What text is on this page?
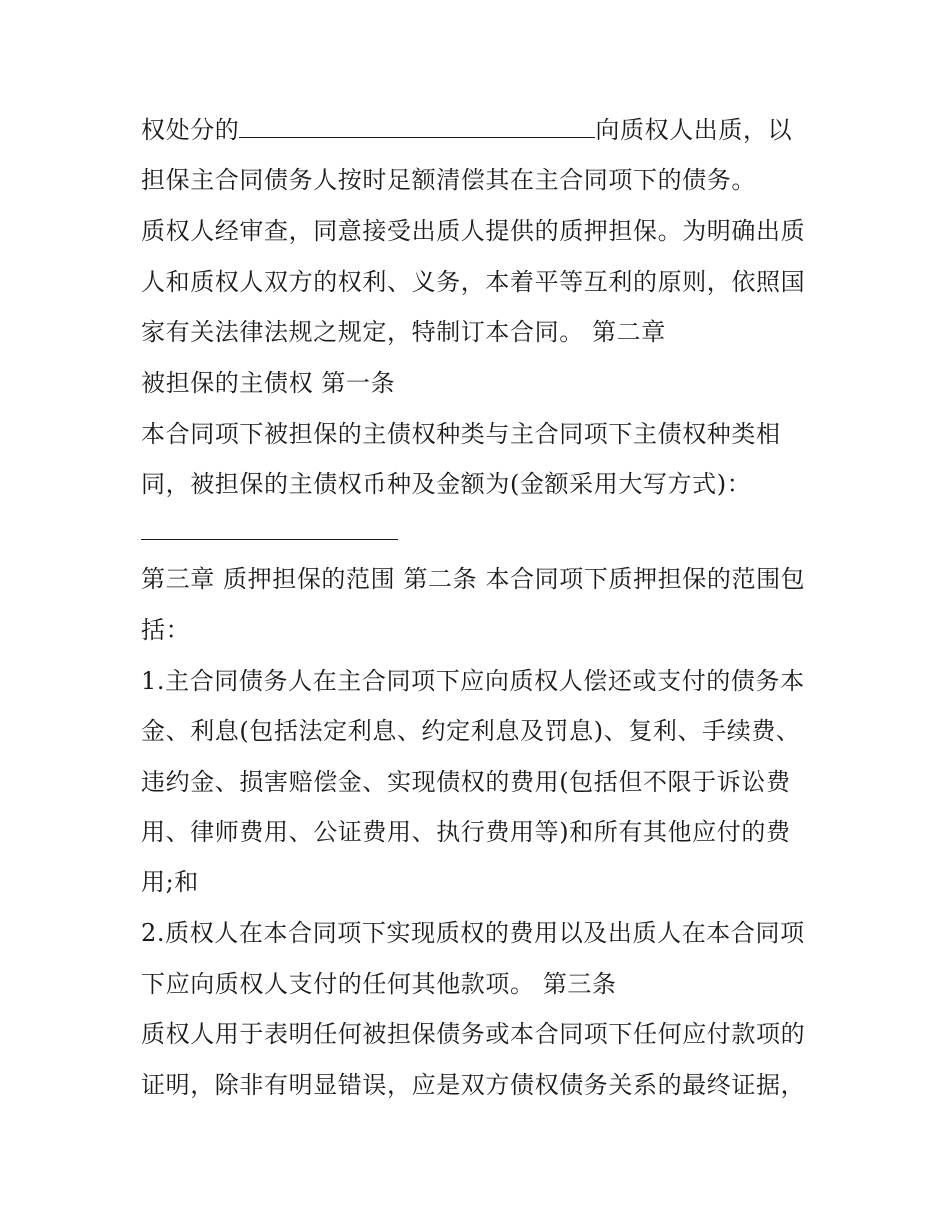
权处分的	向质权人出质，以
担保主合同债务人按时足额清偿其在主合同项下的债务。
质权人经审查，同意接受出质人提供的质押担保。为明确出质
人和质权人双方的权利、义务，本着平等互利的原则，依照国
家有关法律法规之规定，特制订本合同。 第二章
被担保的主债权 第一条
本合同项下被担保的主债权种类与主合同项下主债权种类相
同，被担保的主债权币种及金额为(金额采用大写方式)：
第三章 质押担保的范围 第二条 本合同项下质押担保的范围包
括：
1.主合同债务人在主合同项下应向质权人偿还或支付的债务本
金、利息(包括法定利息、约定利息及罚息)、复利、手续费、
违约金、损害赔偿金、实现债权的费用(包括但不限于诉讼费
用、律师费用、公证费用、执行费用等)和所有其他应付的费
用;和
2.质权人在本合同项下实现质权的费用以及出质人在本合同项
下应向质权人支付的任何其他款项。 第三条
质权人用于表明任何被担保债务或本合同项下任何应付款项的
证明，除非有明显错误，应是双方债权债务关系的最终证据，
